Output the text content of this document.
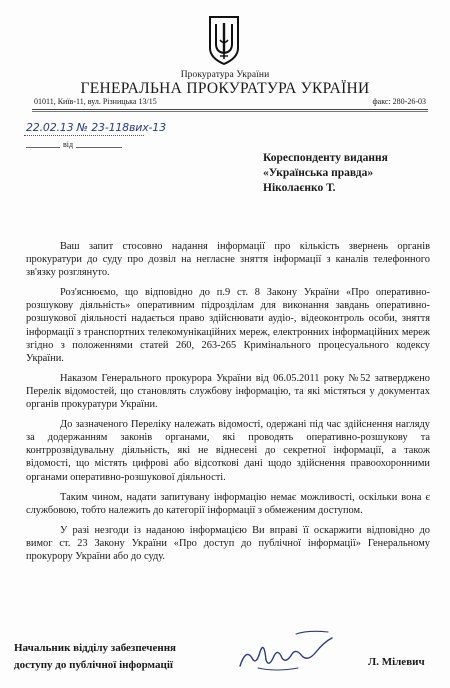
Прокуратура України
ГЕНЕРАЛЬНА ПРОКУРАТУРА УКРАЇНИ
01011, Київ-11, вул. Різницька 13/15	факс: 280-26-03
22.02.13 № 23-118вих-13
від
Кореспонденту видання
«Українська правда»
Ніколаєнко Т.

Ваш запит стосовно надання інформації про кількість звернень органів прокуратури до суду про дозвіл на негласне зняття інформації з каналів телефонного зв'язку розглянуто.

Роз'яснюємо, що відповідно до п.9 ст. 8 Закону України «Про оперативно-розшукову діяльність» оперативним підрозділам для виконання завдань оперативно-розшукової діяльності надається право здійснювати аудіо-, відеоконтроль особи, зняття інформації з транспортних телекомунікаційних мереж, електронних інформаційних мереж згідно з положеннями статей 260, 263-265 Кримінального процесуального кодексу України.

Наказом Генерального прокурора України від 06.05.2011 року №52 затверджено Перелік відомостей, що становлять службову інформацію, та які містяться у документах органів прокуратури України.

До зазначеного Переліку належать відомості, одержані під час здійснення нагляду за додержанням законів органами, які проводять оперативно-розшукову та контррозвідувальну діяльність, які не віднесені до секретної інформації, а також відомості, що містять цифрові або відсоткові дані щодо здійснення правоохоронними органами оперативно-розшукової діяльності.

Таким чином, надати запитувану інформацію немає можливості, оскільки вона є службовою, тобто належить до категорії інформації з обмеженим доступом.

У разі незгоди із наданою інформацією Ви вправі її оскаржити відповідно до вимог ст. 23 Закону України «Про доступ до публічної інформації» Генеральному прокурору України або до суду.

Начальник відділу забезпечення
доступу до публічної інформації	Л. Мілевич
